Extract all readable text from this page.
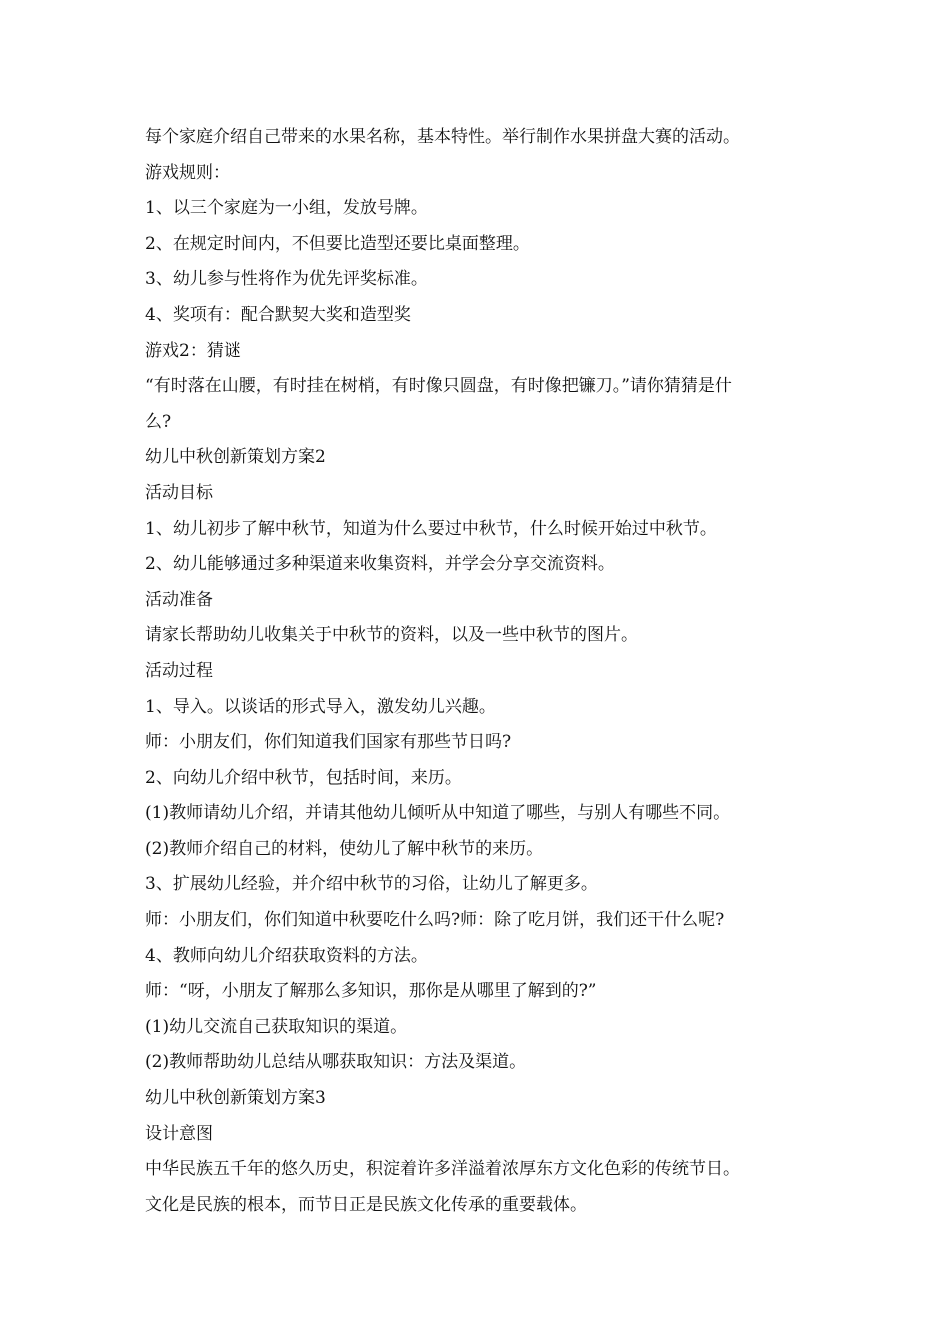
每个家庭介绍自己带来的水果名称，基本特性。举行制作水果拼盘大赛的活动。
游戏规则：
1、以三个家庭为一小组，发放号牌。
2、在规定时间内，不但要比造型还要比桌面整理。
3、幼儿参与性将作为优先评奖标准。
4、奖项有：配合默契大奖和造型奖
游戏2：猜谜
“有时落在山腰，有时挂在树梢，有时像只圆盘，有时像把镰刀。”请你猜猜是什
么?
幼儿中秋创新策划方案2
活动目标
1、幼儿初步了解中秋节，知道为什么要过中秋节，什么时候开始过中秋节。
2、幼儿能够通过多种渠道来收集资料，并学会分享交流资料。
活动准备
请家长帮助幼儿收集关于中秋节的资料，以及一些中秋节的图片。
活动过程
1、导入。以谈话的形式导入，激发幼儿兴趣。
师：小朋友们，你们知道我们国家有那些节日吗?
2、向幼儿介绍中秋节，包括时间，来历。
(1)教师请幼儿介绍，并请其他幼儿倾听从中知道了哪些，与别人有哪些不同。
(2)教师介绍自己的材料，使幼儿了解中秋节的来历。
3、扩展幼儿经验，并介绍中秋节的习俗，让幼儿了解更多。
师：小朋友们，你们知道中秋要吃什么吗?师：除了吃月饼，我们还干什么呢?
4、教师向幼儿介绍获取资料的方法。
师：“呀，小朋友了解那么多知识，那你是从哪里了解到的?”
(1)幼儿交流自己获取知识的渠道。
(2)教师帮助幼儿总结从哪获取知识：方法及渠道。
幼儿中秋创新策划方案3
设计意图
中华民族五千年的悠久历史，积淀着许多洋溢着浓厚东方文化色彩的传统节日。
文化是民族的根本，而节日正是民族文化传承的重要载体。
